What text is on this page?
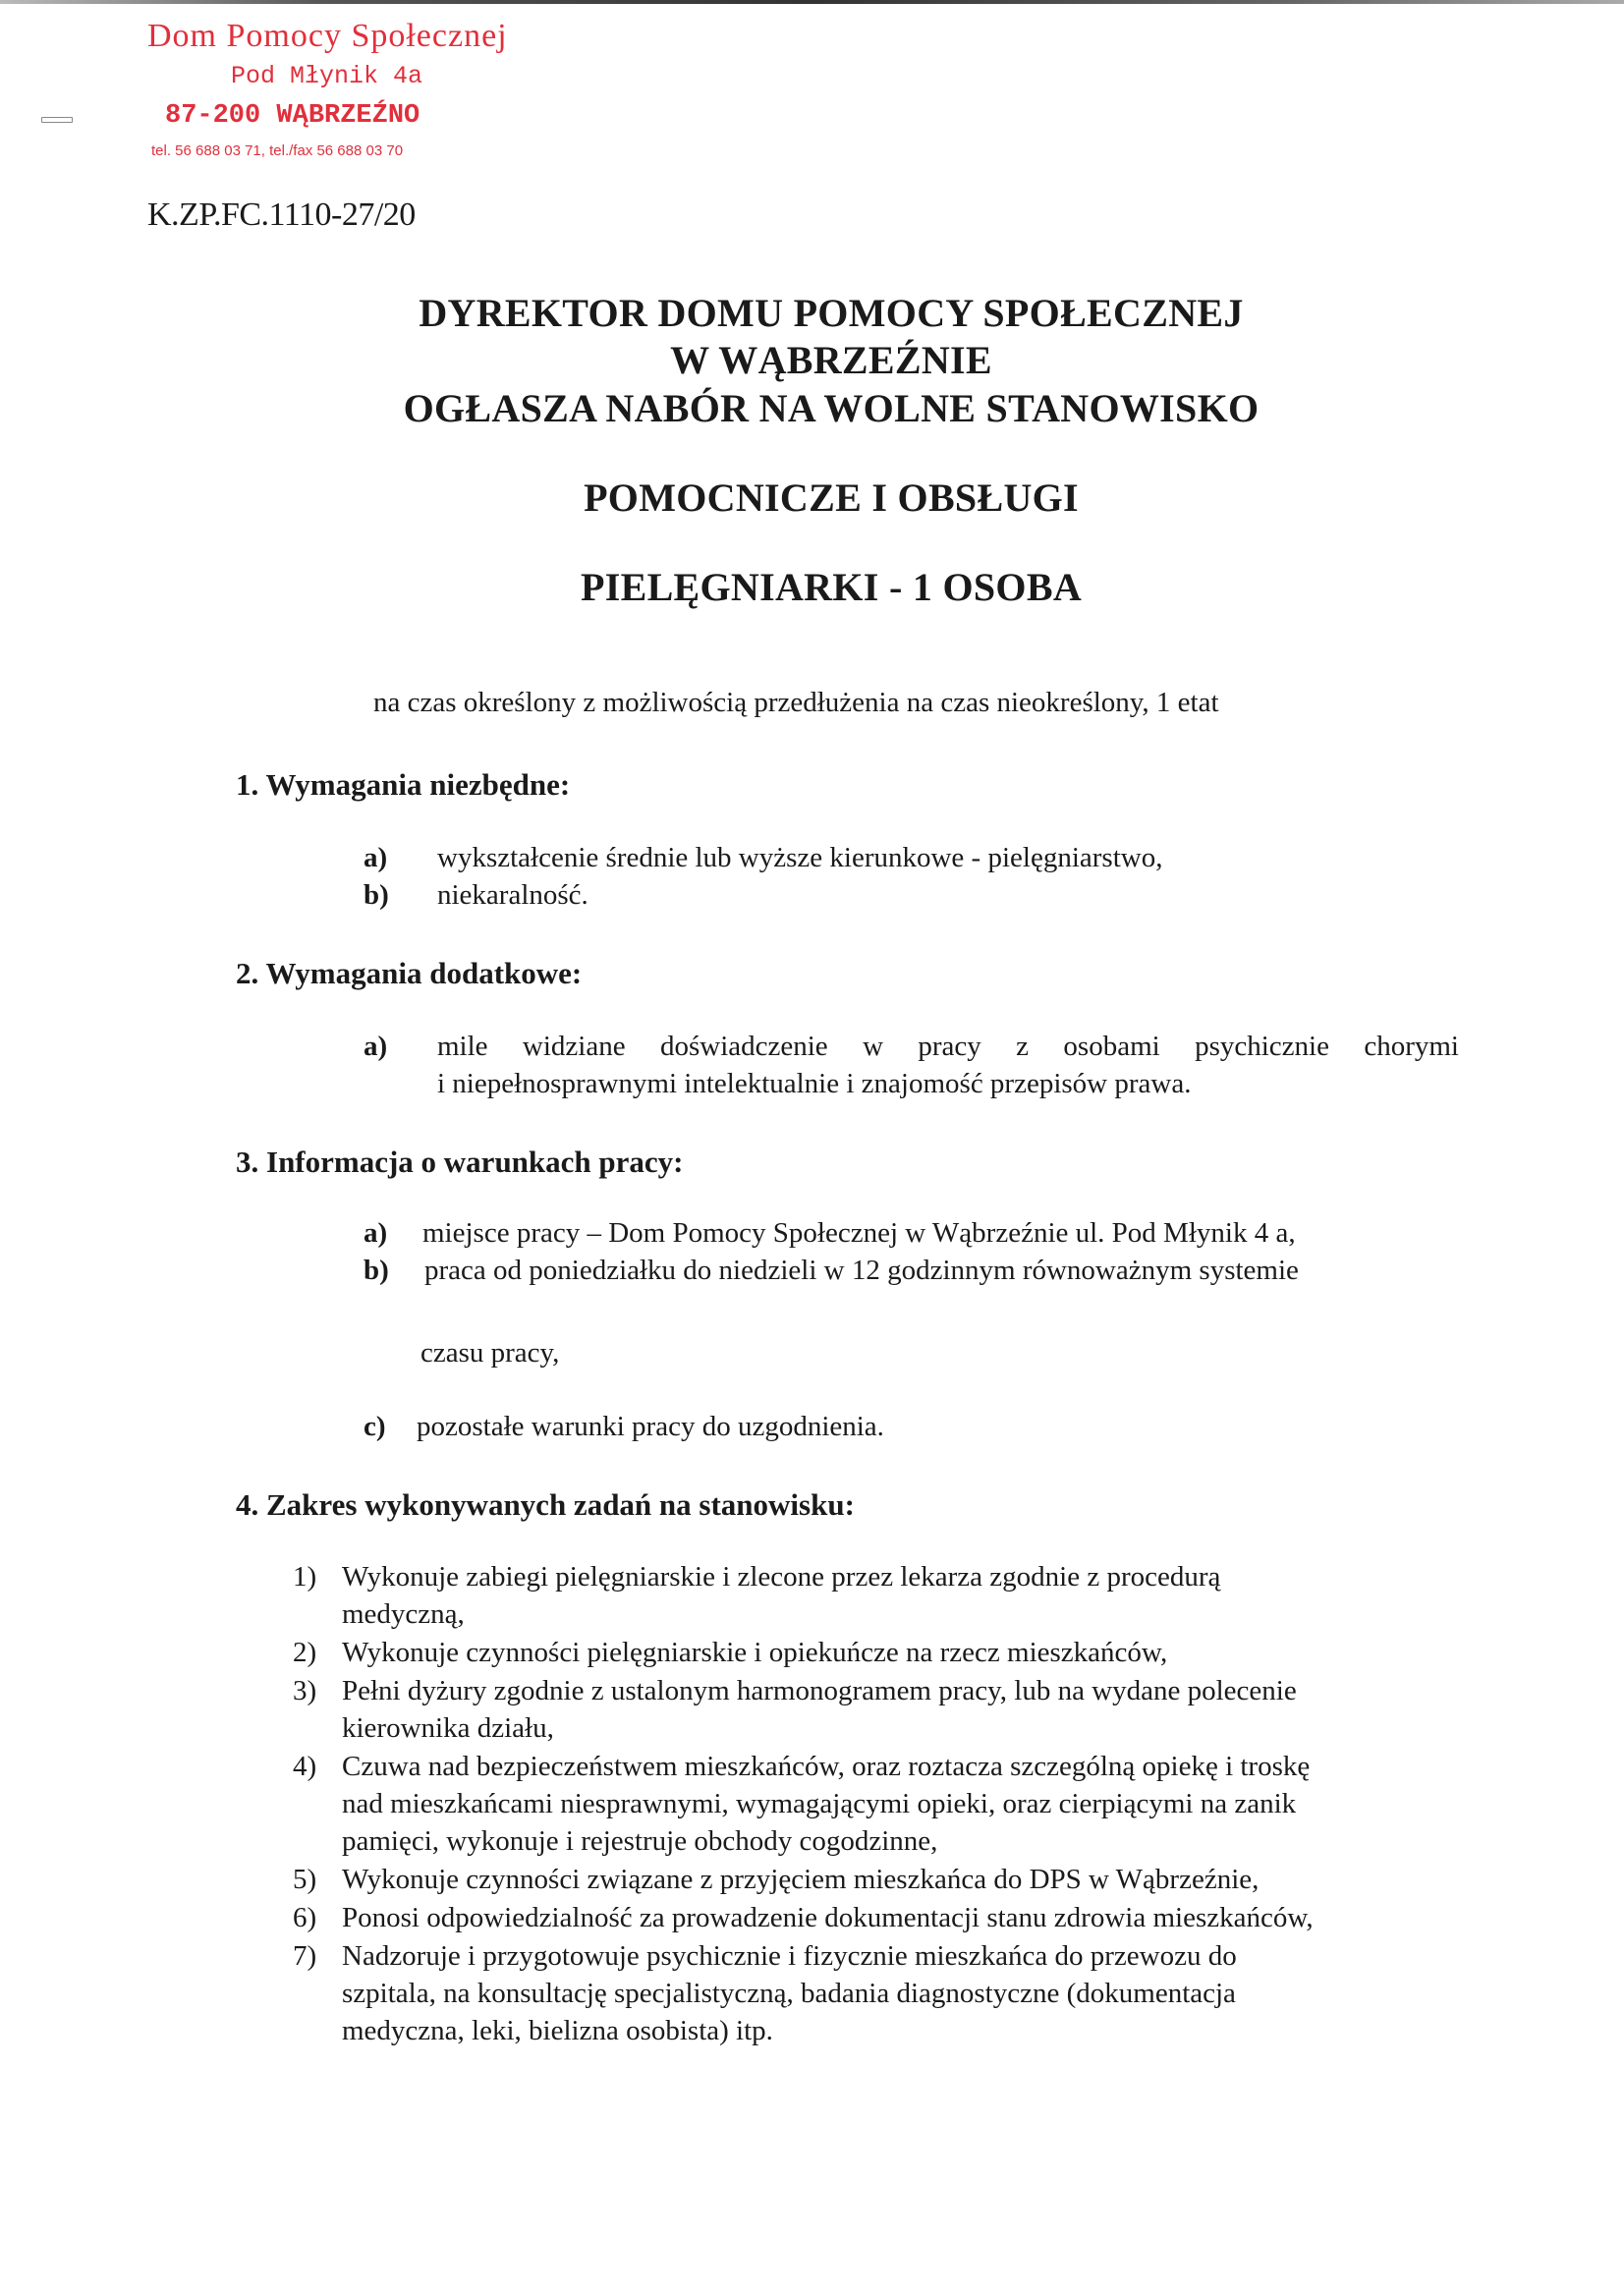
Dom Pomocy Społecznej
Pod Młynik 4a
87-200 WĄBRZEŹNO
tel. 56 688 03 71, tel./fax 56 688 03 70
K.ZP.FC.1110-27/20
DYREKTOR DOMU POMOCY SPOŁECZNEJ
W WĄBRZEŹNIE
OGŁASZA NABÓR NA WOLNE STANOWISKO
POMOCNICZE I OBSŁUGI
PIELĘGNIARKI - 1 OSOBA
na czas określony z możliwością przedłużenia na czas nieokreślony, 1 etat
1. Wymagania niezbędne:
a) wykształcenie średnie lub wyższe kierunkowe - pielęgniarstwo,
b) niekaralność.
2. Wymagania dodatkowe:
a) mile widziane doświadczenie w pracy z osobami psychicznie chorymi
i niepełnosprawnymi intelektualnie i znajomość przepisów prawa.
3. Informacja o warunkach pracy:
a) miejsce pracy – Dom Pomocy Społecznej w Wąbrzeźnie ul. Pod Młynik 4 a,
b) praca od poniedziałku do niedzieli w 12 godzinnym równoważnym systemie
czasu pracy,
c) pozostałe warunki pracy do uzgodnienia.
4. Zakres wykonywanych zadań na stanowisku:
1) Wykonuje zabiegi pielęgniarskie i zlecone przez lekarza zgodnie z procedurą
medyczną,
2) Wykonuje czynności pielęgniarskie i opiekuńcze na rzecz mieszkańców,
3) Pełni dyżury zgodnie z ustalonym harmonogramem pracy, lub na wydane polecenie
kierownika działu,
4) Czuwa nad bezpieczeństwem mieszkańców, oraz roztacza szczególną opiekę i troskę
nad mieszkańcami niesprawnymi, wymagającymi opieki, oraz cierpiącymi na zanik
pamięci, wykonuje i rejestruje obchody cogodzinne,
5) Wykonuje czynności związane z przyjęciem mieszkańca do DPS w Wąbrzeźnie,
6) Ponosi odpowiedzialność za prowadzenie dokumentacji stanu zdrowia mieszkańców,
7) Nadzoruje i przygotowuje psychicznie i fizycznie mieszkańca do przewozu do
szpitala, na konsultację specjalistyczną, badania diagnostyczne (dokumentacja
medyczna, leki, bielizna osobista) itp.
